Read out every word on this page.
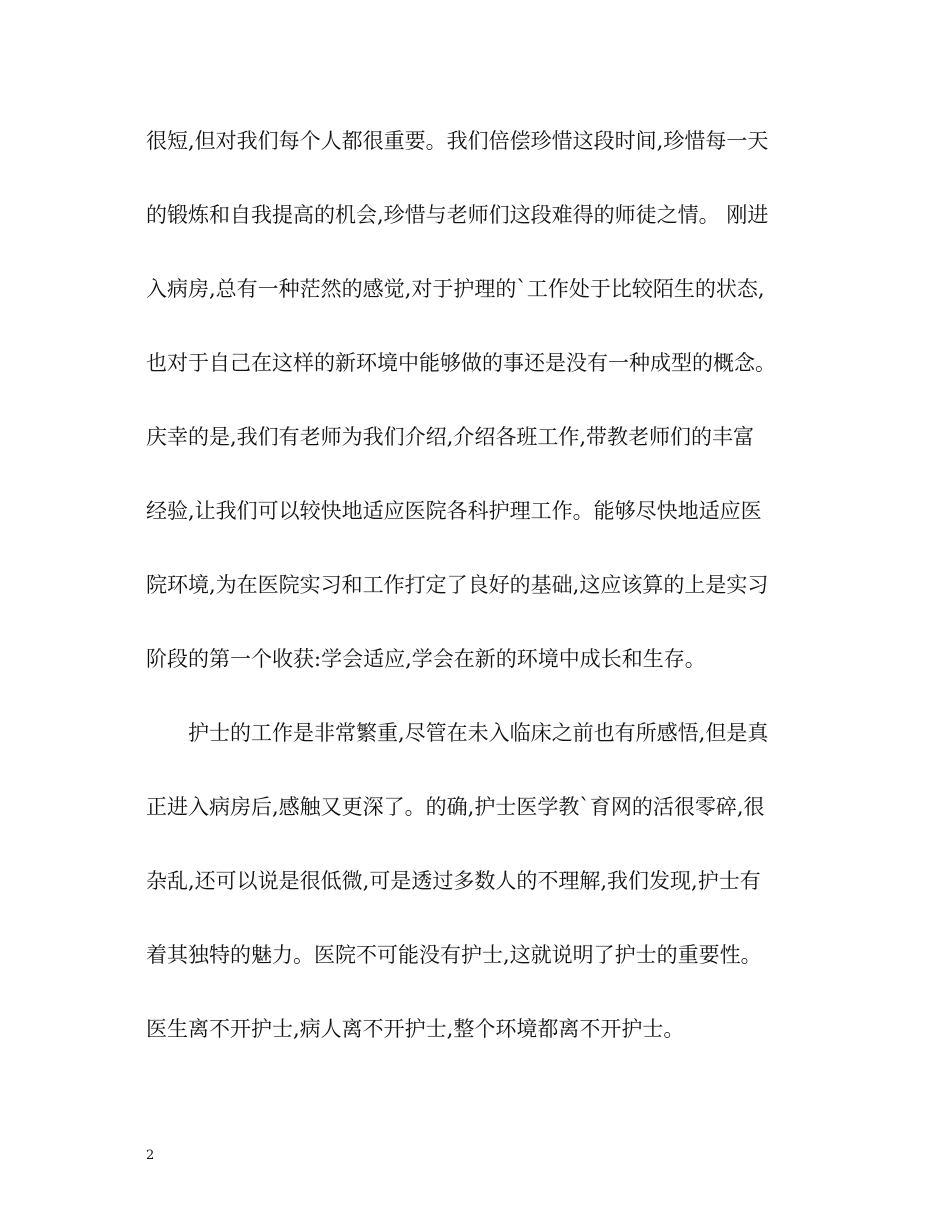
很短,但对我们每个人都很重要。我们倍偿珍惜这段时间,珍惜每一天
的锻炼和自我提高的机会,珍惜与老师们这段难得的师徒之情。 刚进
入病房,总有一种茫然的感觉,对于护理的`工作处于比较陌生的状态,
也对于自己在这样的新环境中能够做的事还是没有一种成型的概念。
庆幸的是,我们有老师为我们介绍,介绍各班工作,带教老师们的丰富
经验,让我们可以较快地适应医院各科护理工作。能够尽快地适应医
院环境,为在医院实习和工作打定了良好的基础,这应该算的上是实习
阶段的第一个收获:学会适应,学会在新的环境中成长和生存。
护士的工作是非常繁重,尽管在未入临床之前也有所感悟,但是真
正进入病房后,感触又更深了。的确,护士医学教`育网的活很零碎,很
杂乱,还可以说是很低微,可是透过多数人的不理解,我们发现,护士有
着其独特的魅力。医院不可能没有护士,这就说明了护士的重要性。
医生离不开护士,病人离不开护士,整个环境都离不开护士。
2
